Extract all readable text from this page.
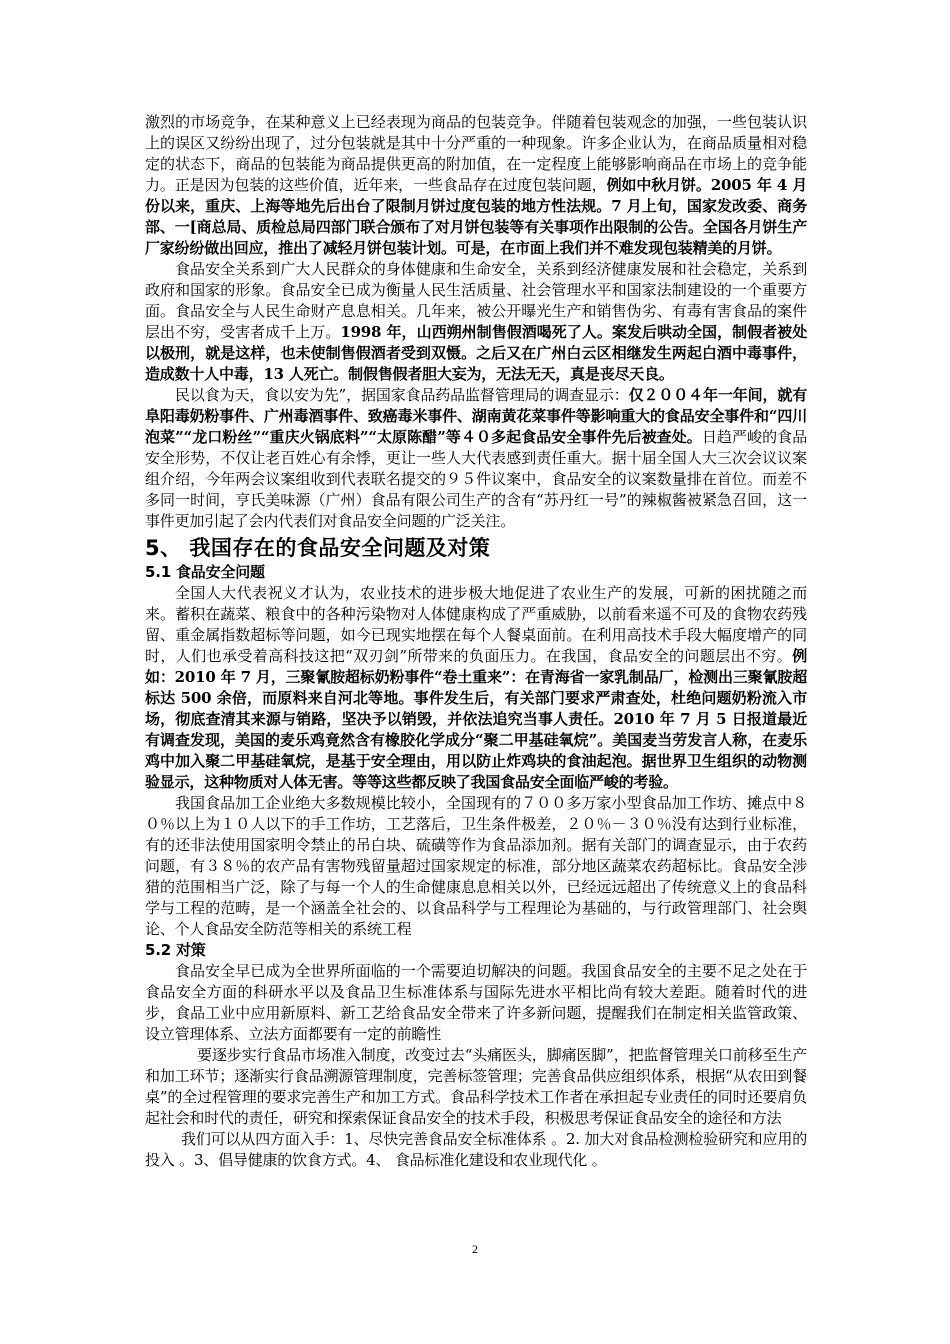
激烈的市场竞争，在某种意义上已经表现为商品的包装竞争。伴随着包装观念的加强，一些包装认识上的误区又纷纷出现了，过分包装就是其中十分严重的一种现象。许多企业认为，在商品质量相对稳定的状态下，商品的包装能为商品提供更高的附加值，在一定程度上能够影响商品在市场上的竞争能力。正是因为包装的这些价值，近年来，一些食品存在过度包装问题，例如中秋月饼。2005 年 4 月份以来，重庆、上海等地先后出台了限制月饼过度包装的地方性法规。7 月上旬，国家发改委、商务部、一[商总局、质检总局四部门联合颁布了对月饼包装等有关事项作出限制的公告。全国各月饼生产厂家纷纷做出回应，推出了减轻月饼包装计划。可是，在市面上我们并不难发现包装精美的月饼。

食品安全关系到广大人民群众的身体健康和生命安全，关系到经济健康发展和社会稳定，关系到政府和国家的形象。食品安全已成为衡量人民生活质量、社会管理水平和国家法制建设的一个重要方面。食品安全与人民生命财产息息相关。几年来，被公开曝光生产和销售伪劣、有毒有害食品的案件层出不穷，受害者成千上万。1998 年，山西朔州制售假酒喝死了人。案发后哄动全国，制假者被处以极刑，就是这样，也未使制售假酒者受到双慑。之后又在广州白云区相继发生两起白酒中毒事件，造成数十人中毒，13 人死亡。制假售假者胆大妄为，无法无天，真是丧尽天良。

民以食为天，食以安为先”，据国家食品药品监督管理局的调查显示：仅２００４年一年间，就有阜阳毒奶粉事件、广州毒酒事件、致癌毒米事件、湖南黄花菜事件等影响重大的食品安全事件和“四川泡菜”“龙口粉丝”“重庆火锅底料”“太原陈醋”等４０多起食品安全事件先后被查处。日趋严峻的食品安全形势，不仅让老百姓心有余悸，更让一些人大代表感到责任重大。据十届全国人大三次会议议案组介绍，今年两会议案组收到代表联名提交的９５件议案中，食品安全的议案数量排在首位。而差不多同一时间，亨氏美味源（广州）食品有限公司生产的含有“苏丹红一号”的辣椒酱被紧急召回，这一事件更加引起了会内代表们对食品安全问题的广泛关注。

5、 我国存在的食品安全问题及对策
5.1 食品安全问题

全国人大代表祝义才认为，农业技术的进步极大地促进了农业生产的发展，可新的困扰随之而来。蓄积在蔬菜、粮食中的各种污染物对人体健康构成了严重威胁，以前看来遥不可及的食物农药残留、重金属指数超标等问题，如今已现实地摆在每个人餐桌面前。在利用高技术手段大幅度增产的同时，人们也承受着高科技这把“双刃剑”所带来的负面压力。在我国，食品安全的问题层出不穷。例如：2010 年 7 月，三聚氰胺超标奶粉事件“卷土重来”：在青海省一家乳制品厂，检测出三聚氰胺超标达 500 余倍，而原料来自河北等地。事件发生后，有关部门要求严肃查处，杜绝问题奶粉流入市场，彻底查清其来源与销路，坚决予以销毁，并依法追究当事人责任。2010 年 7 月 5 日报道最近有调查发现，美国的麦乐鸡竟然含有橡胶化学成分“聚二甲基硅氧烷”。美国麦当劳发言人称，在麦乐鸡中加入聚二甲基硅氧烷，是基于安全理由，用以防止炸鸡块的食油起泡。据世界卫生组织的动物测验显示，这种物质对人体无害。等等这些都反映了我国食品安全面临严峻的考验。

我国食品加工企业绝大多数规模比较小，全国现有的７００多万家小型食品加工作坊、摊点中８０％以上为１０人以下的手工作坊，工艺落后，卫生条件极差，２０％－３０％没有达到行业标准，有的还非法使用国家明令禁止的吊白块、硫磺等作为食品添加剂。据有关部门的调查显示，由于农药问题，有３８％的农产品有害物残留量超过国家规定的标准，部分地区蔬菜农药超标比。食品安全涉猎的范围相当广泛，除了与每一个人的生命健康息息相关以外，已经远远超出了传统意义上的食品科学与工程的范畴，是一个涵盖全社会的、以食品科学与工程理论为基础的，与行政管理部门、社会舆论、个人食品安全防范等相关的系统工程

5.2 对策

食品安全早已成为全世界所面临的一个需要迫切解决的问题。我国食品安全的主要不足之处在于食品安全方面的科研水平以及食品卫生标准体系与国际先进水平相比尚有较大差距。随着时代的进步，食品工业中应用新原料、新工艺给食品安全带来了许多新问题，提醒我们在制定相关监管政策、设立管理体系、立法方面都要有一定的前瞻性

要逐步实行食品市场准入制度，改变过去“头痛医头，脚痛医脚”，把监督管理关口前移至生产和加工环节；逐渐实行食品溯源管理制度，完善标签管理；完善食品供应组织体系，根据“从农田到餐桌”的全过程管理的要求完善生产和加工方式。食品科学技术工作者在承担起专业责任的同时还要肩负起社会和时代的责任，研究和探索保证食品安全的技术手段，积极思考保证食品安全的途径和方法

我们可以从四方面入手：1、尽快完善食品安全标准体系 。2. 加大对食品检测检验研究和应用的投入 。3、倡导健康的饮食方式。4、 食品标准化建设和农业现代化 。

2
